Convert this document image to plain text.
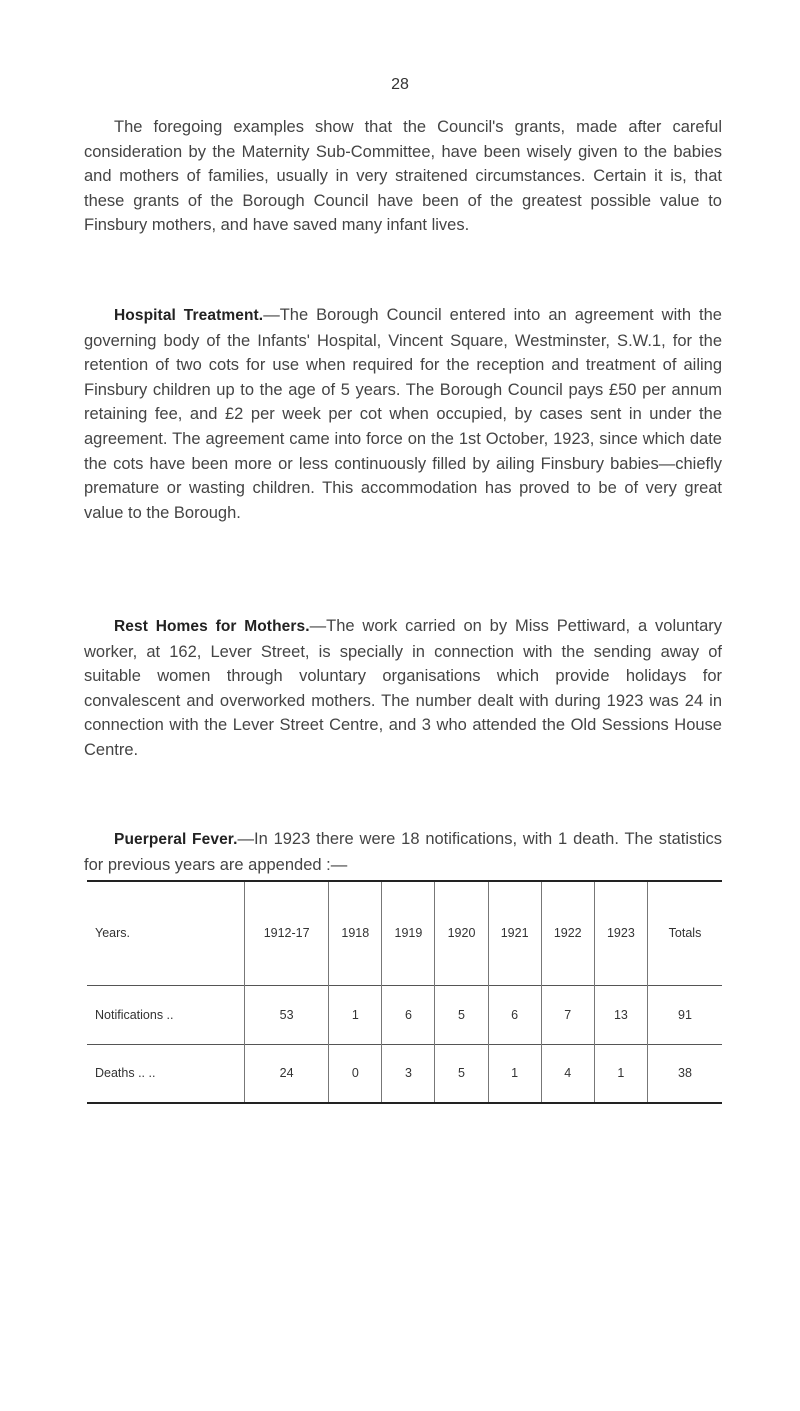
28

The foregoing examples show that the Council's grants, made after careful consideration by the Maternity Sub-Committee, have been wisely given to the babies and mothers of families, usually in very straitened circumstances. Certain it is, that these grants of the Borough Council have been of the greatest possible value to Finsbury mothers, and have saved many infant lives.

Hospital Treatment.—The Borough Council entered into an agreement with the governing body of the Infants' Hospital, Vincent Square, Westminster, S.W.1, for the retention of two cots for use when required for the reception and treatment of ailing Finsbury children up to the age of 5 years. The Borough Council pays £50 per annum retaining fee, and £2 per week per cot when occupied, by cases sent in under the agreement. The agreement came into force on the 1st October, 1923, since which date the cots have been more or less continuously filled by ailing Finsbury babies—chiefly premature or wasting children. This accommodation has proved to be of very great value to the Borough.

Rest Homes for Mothers.—The work carried on by Miss Pettiward, a voluntary worker, at 162, Lever Street, is specially in connection with the sending away of suitable women through voluntary organisations which provide holidays for convalescent and overworked mothers. The number dealt with during 1923 was 24 in connection with the Lever Street Centre, and 3 who attended the Old Sessions House Centre.

Puerperal Fever.—In 1923 there were 18 notifications, with 1 death. The statistics for previous years are appended :—

Years.	1912-17	1918	1919	1920	1921	1922	1923	Totals
Notifications ..	53	1	6	5	6	7	13	91
Deaths .. ..	24	0	3	5	1	4	1	38
